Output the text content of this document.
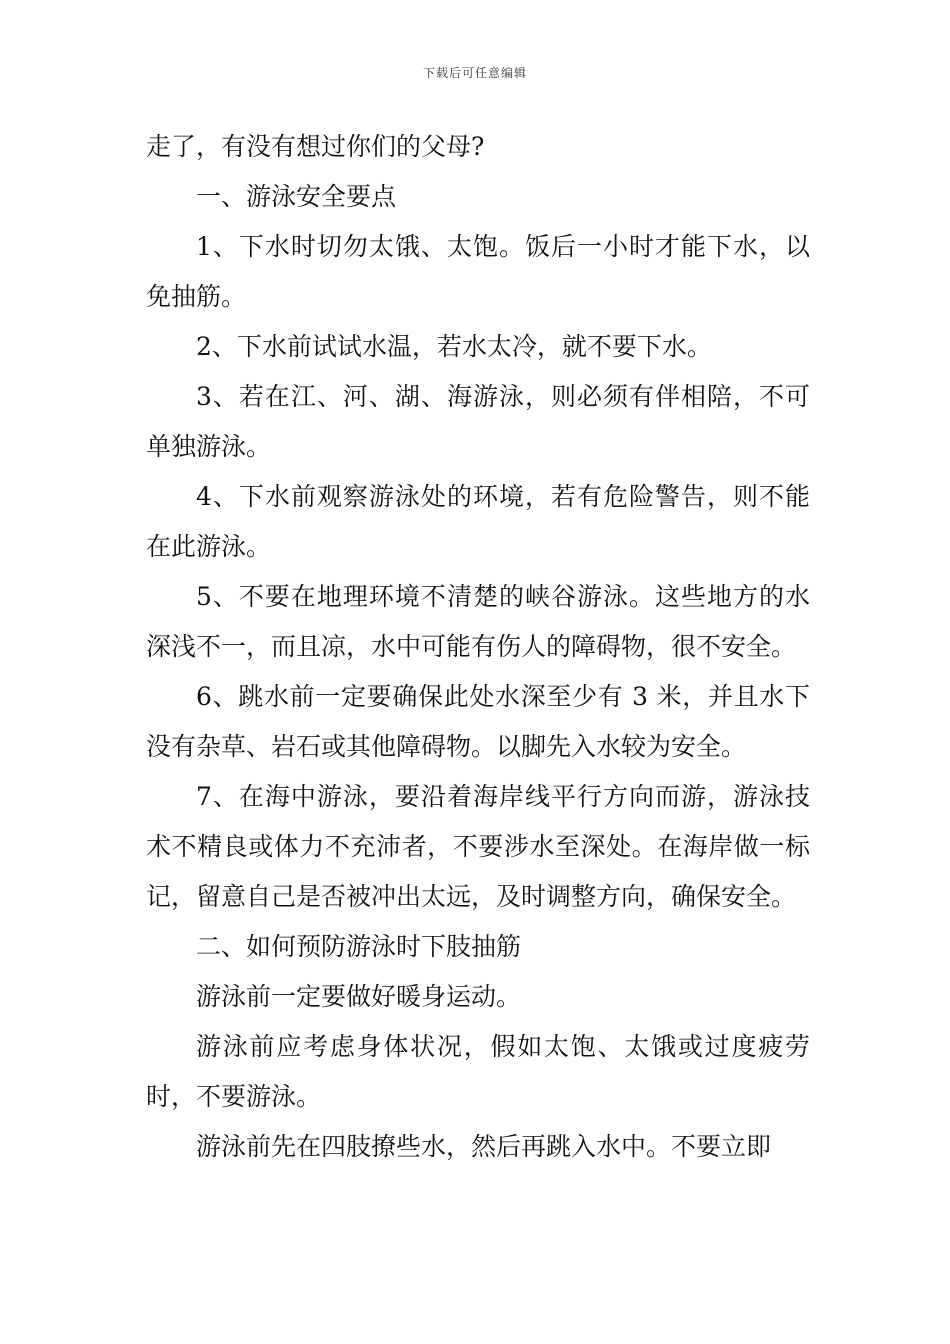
下载后可任意编辑

走了，有没有想过你们的父母?

一、游泳安全要点

1、下水时切勿太饿、太饱。饭后一小时才能下水，以免抽筋。

2、下水前试试水温，若水太冷，就不要下水。

3、若在江、河、湖、海游泳，则必须有伴相陪，不可单独游泳。

4、下水前观察游泳处的环境，若有危险警告，则不能在此游泳。

5、不要在地理环境不清楚的峡谷游泳。这些地方的水深浅不一，而且凉，水中可能有伤人的障碍物，很不安全。

6、跳水前一定要确保此处水深至少有 3 米，并且水下没有杂草、岩石或其他障碍物。以脚先入水较为安全。

7、在海中游泳，要沿着海岸线平行方向而游，游泳技术不精良或体力不充沛者，不要涉水至深处。在海岸做一标记，留意自己是否被冲出太远，及时调整方向，确保安全。

二、如何预防游泳时下肢抽筋

游泳前一定要做好暖身运动。

游泳前应考虑身体状况，假如太饱、太饿或过度疲劳时，不要游泳。

游泳前先在四肢撩些水，然后再跳入水中。不要立即
